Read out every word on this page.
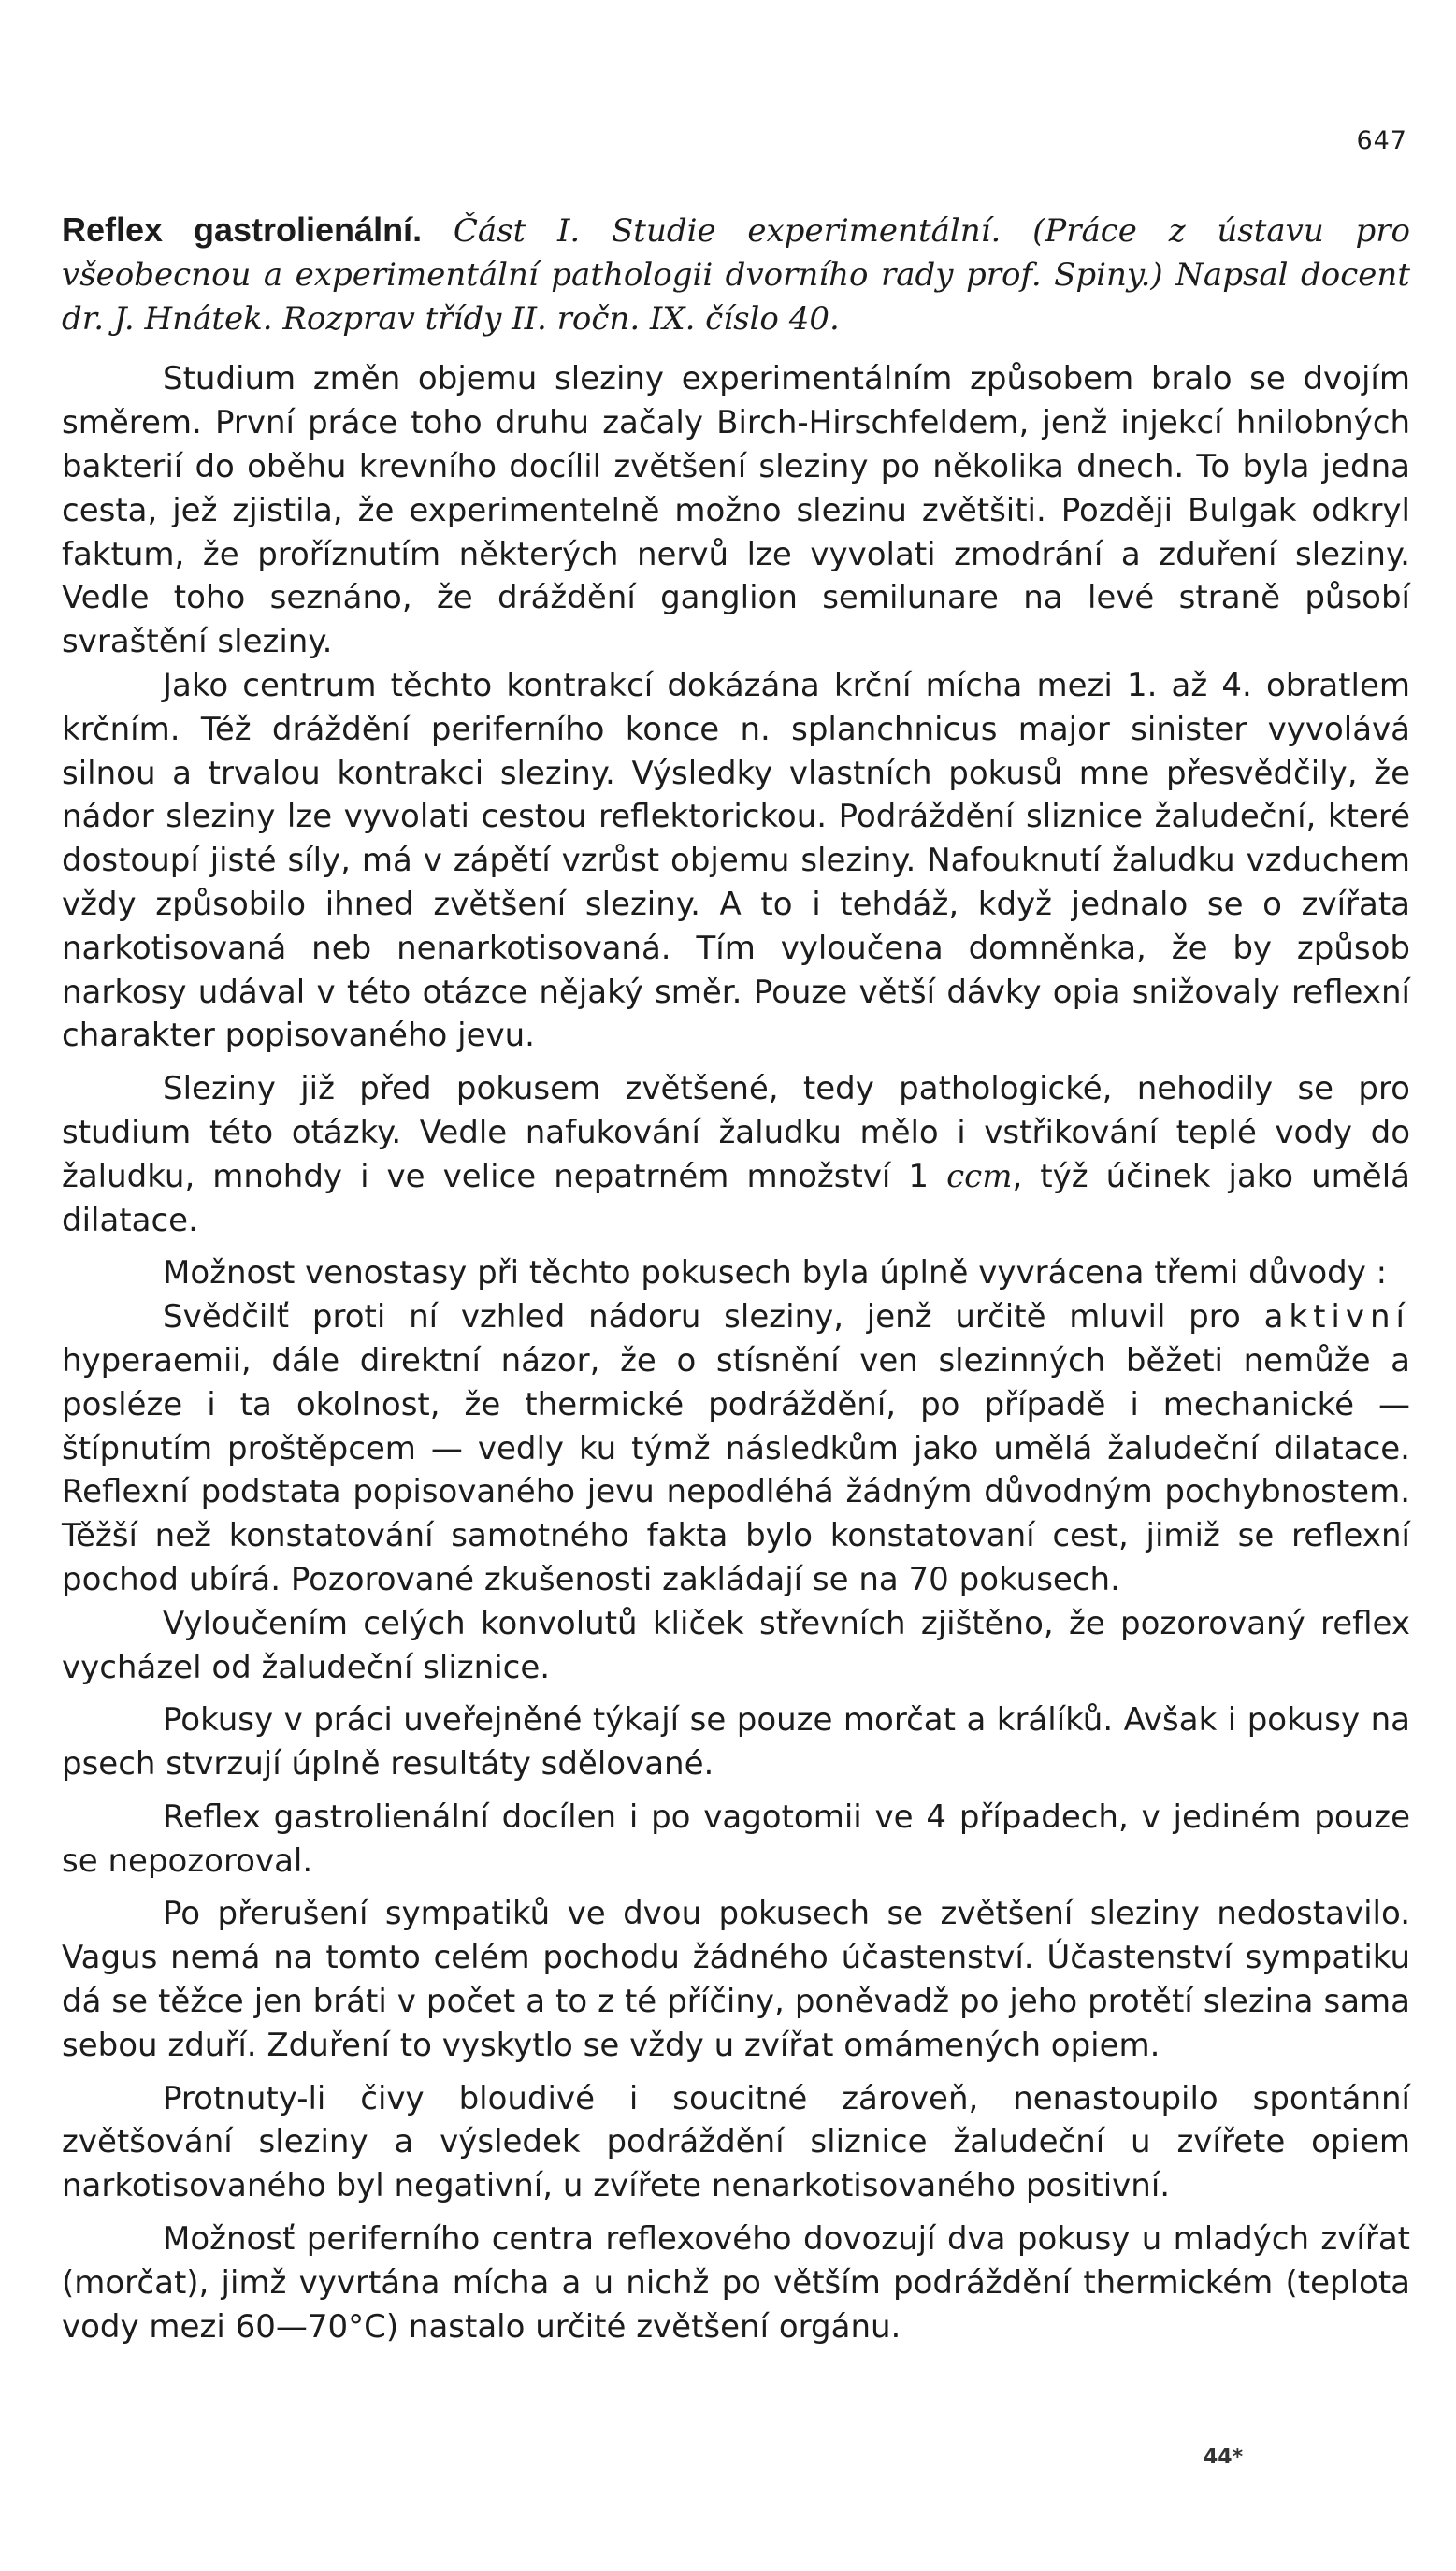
647

Reflex gastrolienální. Část I. Studie experimentální. (Práce z ústavu pro všeobecnou a experimentální pathologii dvorního rady prof. Spiny.) Napsal docent dr. J. Hnátek. Rozprav třídy II. ročn. IX. číslo 40.

Studium změn objemu sleziny experimentálním způsobem bralo se dvojím směrem. První práce toho druhu začaly Birch-Hirschfeldem, jenž injekcí hnilobných bakterií do oběhu krevního docílil zvětšení sleziny po několika dnech. To byla jedna cesta, jež zjistila, že experimentelně možno slezinu zvětšiti. Později Bulgak odkryl faktum, že proříznutím některých nervů lze vyvolati zmodrání a zduření sleziny. Vedle toho seznáno, že dráždění ganglion semilunare na levé straně působí svraštění sleziny.

Jako centrum těchto kontrakcí dokázána krční mícha mezi 1. až 4. obratlem krčním. Též dráždění periferního konce n. splanchnicus major sinister vyvolává silnou a trvalou kontrakci sleziny. Výsledky vlastních pokusů mne přesvědčily, že nádor sleziny lze vyvolati cestou reflektorickou. Podráždění sliznice žaludeční, které dostoupí jisté síly, má v zápětí vzrůst objemu sleziny. Nafouknutí žaludku vzduchem vždy způsobilo ihned zvětšení sleziny. A to i tehdáž, když jednalo se o zvířata narkotisovaná neb nenarkotisovaná. Tím vyloučena domněnka, že by způsob narkosy udával v této otázce nějaký směr. Pouze větší dávky opia snižovaly reflexní charakter popisovaného jevu.

Sleziny již před pokusem zvětšené, tedy pathologické, nehodily se pro studium této otázky. Vedle nafukování žaludku mělo i vstřikování teplé vody do žaludku, mnohdy i ve velice nepatrném množství 1 ccm, týž účinek jako umělá dilatace.

Možnost venostasy při těchto pokusech byla úplně vyvrácena třemi důvody :

Svědčilť proti ní vzhled nádoru sleziny, jenž určitě mluvil pro aktivní hyperaemii, dále direktní názor, že o stísnění ven slezinných běžeti nemůže a posléze i ta okolnost, že thermické podráždění, po případě i mechanické — štípnutím proštěpcem — vedly ku týmž následkům jako umělá žaludeční dilatace. Reflexní podstata popisovaného jevu nepodléhá žádným důvodným pochybnostem. Těžší než konstatování samotného fakta bylo konstatovaní cest, jimiž se reflexní pochod ubírá. Pozorované zkušenosti zakládají se na 70 pokusech.

Vyloučením celých konvolutů kliček střevních zjištěno, že pozorovaný reflex vycházel od žaludeční sliznice.

Pokusy v práci uveřejněné týkají se pouze morčat a králíků. Avšak i pokusy na psech stvrzují úplně resultáty sdělované.

Reflex gastrolienální docílen i po vagotomii ve 4 případech, v jediném pouze se nepozoroval.

Po přerušení sympatiků ve dvou pokusech se zvětšení sleziny nedostavilo. Vagus nemá na tomto celém pochodu žádného účastenství. Účastenství sympatiku dá se těžce jen bráti v počet a to z té příčiny, poněvadž po jeho protětí slezina sama sebou zduří. Zduření to vyskytlo se vždy u zvířat omámených opiem.

Protnuty-li čivy bloudivé i soucitné zároveň, nenastoupilo spontánní zvětšování sleziny a výsledek podráždění sliznice žaludeční u zvířete opiem narkotisovaného byl negativní, u zvířete nenarkotisovaného positivní.

Možnosť periferního centra reflexového dovozují dva pokusy u mladých zvířat (morčat), jimž vyvrtána mícha a u nichž po větším podráždění thermickém (teplota vody mezi 60—70°C) nastalo určité zvětšení orgánu.

44*
